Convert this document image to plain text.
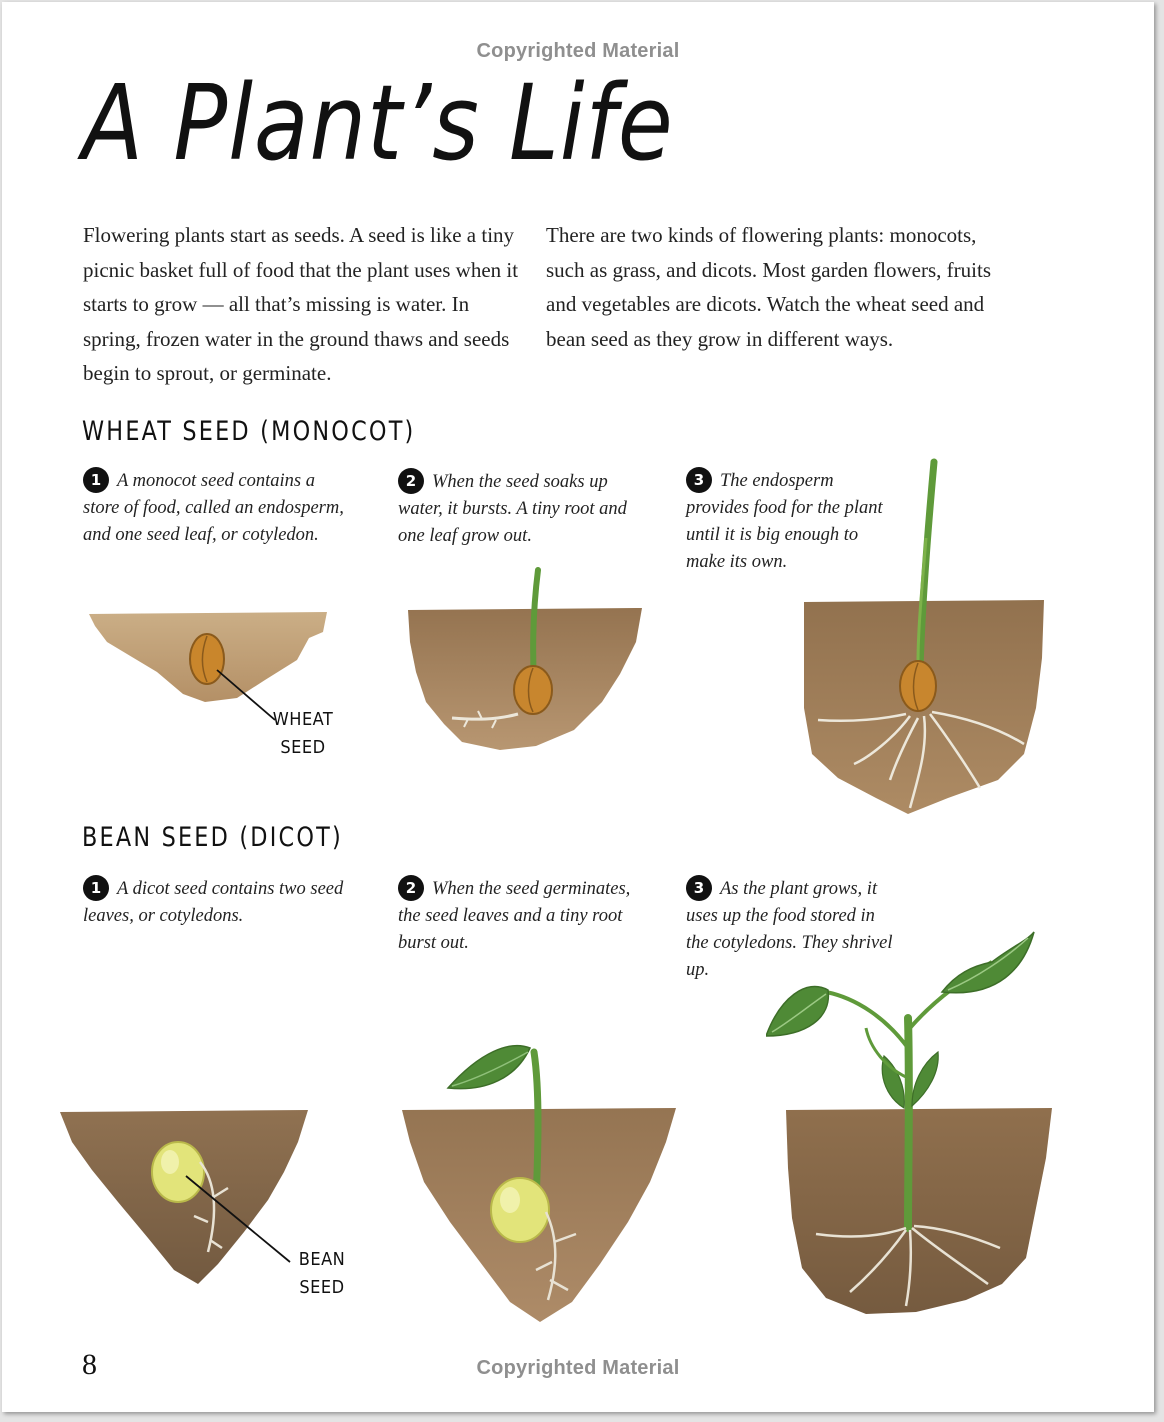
Copyrighted Material
A Plant’s Life
Flowering plants start as seeds. A seed is like a tiny picnic basket full of food that the plant uses when it starts to grow — all that’s missing is water. In spring, frozen water in the ground thaws and seeds begin to sprout, or germinate.
There are two kinds of flowering plants: monocots, such as grass, and dicots. Most garden flowers, fruits and vegetables are dicots. Watch the wheat seed and bean seed as they grow in different ways.
WHEAT SEED (MONOCOT)
1 A monocot seed contains a store of food, called an endosperm, and one seed leaf, or cotyledon.
2 When the seed soaks up water, it bursts. A tiny root and one leaf grow out.
3 The endosperm provides food for the plant until it is big enough to make its own.
WHEAT
SEED
BEAN SEED (DICOT)
1 A dicot seed contains two seed leaves, or cotyledons.
2 When the seed germinates, the seed leaves and a tiny root burst out.
3 As the plant grows, it uses up the food stored in the cotyledons. They shrivel up.
BEAN
SEED
8	Copyrighted Material
